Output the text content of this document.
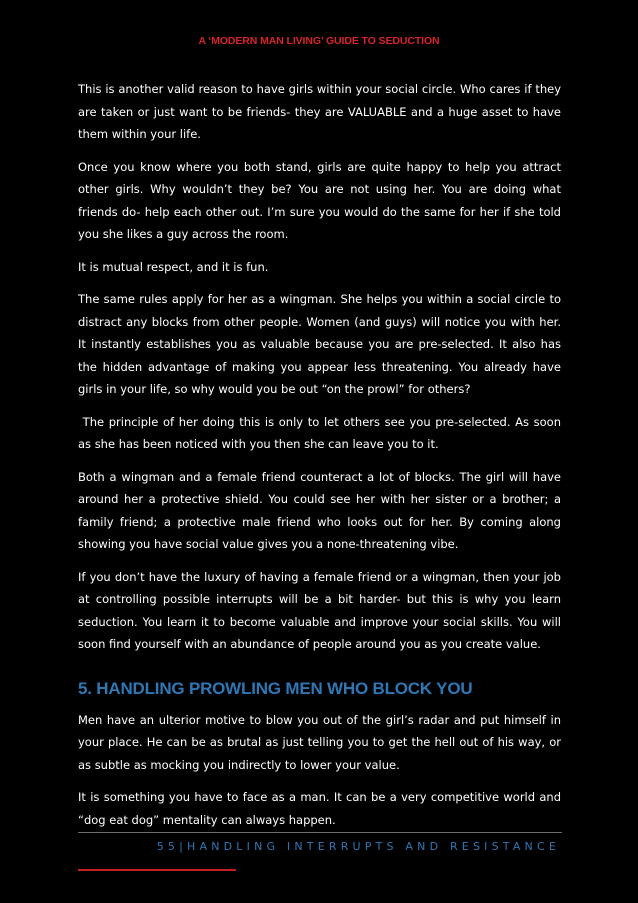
A ‘MODERN MAN LIVING’ GUIDE TO SEDUCTION

This is another valid reason to have girls within your social circle. Who cares if they are taken or just want to be friends- they are VALUABLE and a huge asset to have them within your life.

Once you know where you both stand, girls are quite happy to help you attract other girls. Why wouldn’t they be? You are not using her. You are doing what friends do- help each other out. I’m sure you would do the same for her if she told you she likes a guy across the room.

It is mutual respect, and it is fun.

The same rules apply for her as a wingman. She helps you within a social circle to distract any blocks from other people. Women (and guys) will notice you with her. It instantly establishes you as valuable because you are pre-selected. It also has the hidden advantage of making you appear less threatening. You already have girls in your life, so why would you be out “on the prowl” for others?

The principle of her doing this is only to let others see you pre-selected. As soon as she has been noticed with you then she can leave you to it.

Both a wingman and a female friend counteract a lot of blocks. The girl will have around her a protective shield. You could see her with her sister or a brother; a family friend; a protective male friend who looks out for her. By coming along showing you have social value gives you a none-threatening vibe.

If you don’t have the luxury of having a female friend or a wingman, then your job at controlling possible interrupts will be a bit harder- but this is why you learn seduction. You learn it to become valuable and improve your social skills. You will soon find yourself with an abundance of people around you as you create value.

5. HANDLING PROWLING MEN WHO BLOCK YOU

Men have an ulterior motive to blow you out of the girl’s radar and put himself in your place. He can be as brutal as just telling you to get the hell out of his way, or as subtle as mocking you indirectly to lower your value.

It is something you have to face as a man. It can be a very competitive world and “dog eat dog” mentality can always happen.

55|HANDLING INTERRUPTS AND RESISTANCE
